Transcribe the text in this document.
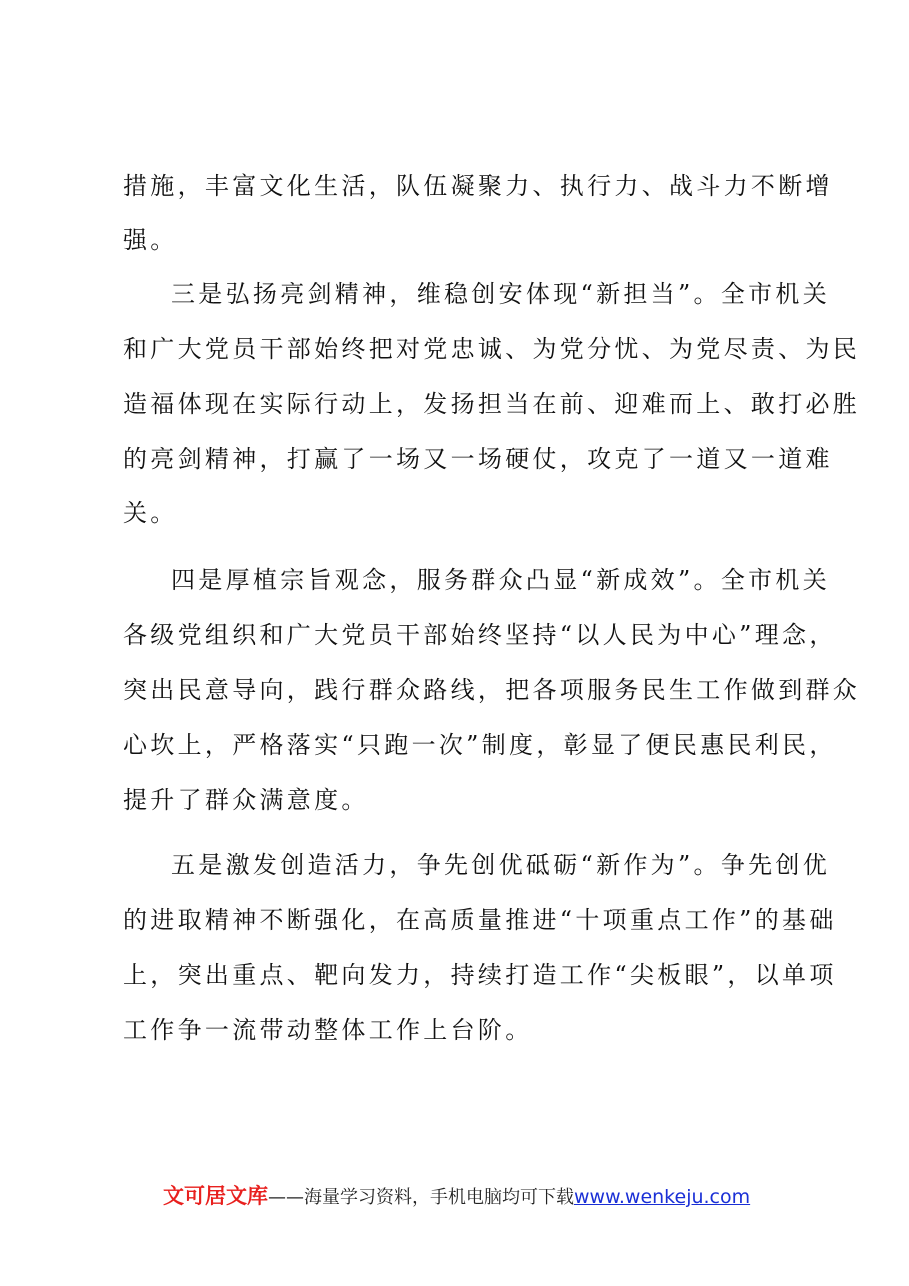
措施，丰富文化生活，队伍凝聚力、执行力、战斗力不断增
强。
三是弘扬亮剑精神，维稳创安体现“新担当”。全市机关
和广大党员干部始终把对党忠诚、为党分忧、为党尽责、为民
造福体现在实际行动上，发扬担当在前、迎难而上、敢打必胜
的亮剑精神，打赢了一场又一场硬仗，攻克了一道又一道难
关。
四是厚植宗旨观念，服务群众凸显“新成效”。全市机关
各级党组织和广大党员干部始终坚持“以人民为中心”理念，
突出民意导向，践行群众路线，把各项服务民生工作做到群众
心坎上，严格落实“只跑一次”制度，彰显了便民惠民利民，
提升了群众满意度。
五是激发创造活力，争先创优砥砺“新作为”。争先创优
的进取精神不断强化，在高质量推进“十项重点工作”的基础
上，突出重点、靶向发力，持续打造工作“尖板眼”，以单项
工作争一流带动整体工作上台阶。
文可居文库——海量学习资料，手机电脑均可下载www.wenkeju.com
